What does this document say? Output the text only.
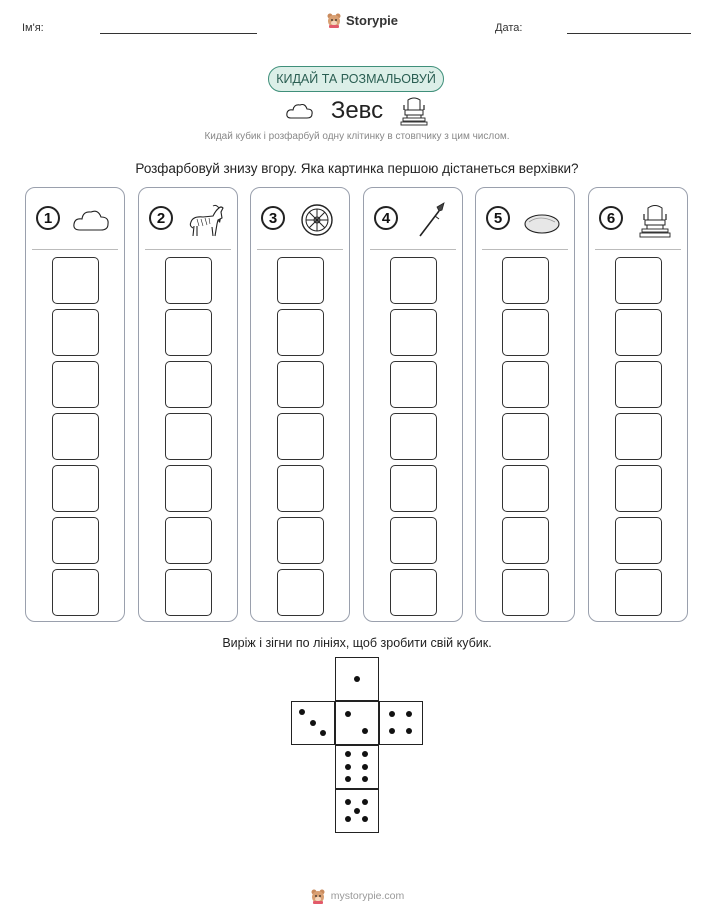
Ім'я:
Storypie
Дата:
КИДАЙ ТА РОЗМАЛЬОВУЙ
Зевс
Кидай кубик і розфарбуй одну клітинку в стовпчику з цим числом.
Розфарбовуй знизу вгору. Яка картинка першою дістанеться верхівки?
1	2	3	4	5	6
Виріж і зігни по лініях, щоб зробити свій кубик.
mystorypie.com
